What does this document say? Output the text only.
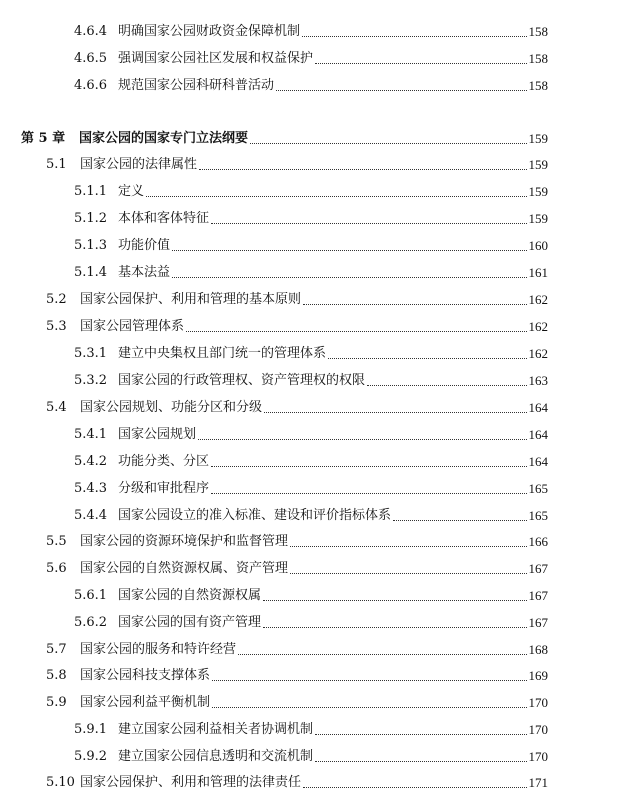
4.6.4 明确国家公园财政资金保障机制	158
4.6.5 强调国家公园社区发展和权益保护	158
4.6.6 规范国家公园科研科普活动	158
第 5 章	国家公园的国家专门立法纲要	159
5.1	国家公园的法律属性	159
5.1.1 定义	159
5.1.2 本体和客体特征	159
5.1.3 功能价值	160
5.1.4 基本法益	161
5.2	国家公园保护、利用和管理的基本原则	162
5.3	国家公园管理体系	162
5.3.1 建立中央集权且部门统一的管理体系	162
5.3.2 国家公园的行政管理权、资产管理权的权限	163
5.4	国家公园规划、功能分区和分级	164
5.4.1 国家公园规划	164
5.4.2 功能分类、分区	164
5.4.3 分级和审批程序	165
5.4.4 国家公园设立的准入标准、建设和评价指标体系	165
5.5	国家公园的资源环境保护和监督管理	166
5.6	国家公园的自然资源权属、资产管理	167
5.6.1 国家公园的自然资源权属	167
5.6.2 国家公园的国有资产管理	167
5.7	国家公园的服务和特许经营	168
5.8	国家公园科技支撑体系	169
5.9	国家公园利益平衡机制	170
5.9.1 建立国家公园利益相关者协调机制	170
5.9.2 建立国家公园信息透明和交流机制	170
5.10 国家公园保护、利用和管理的法律责任	171
